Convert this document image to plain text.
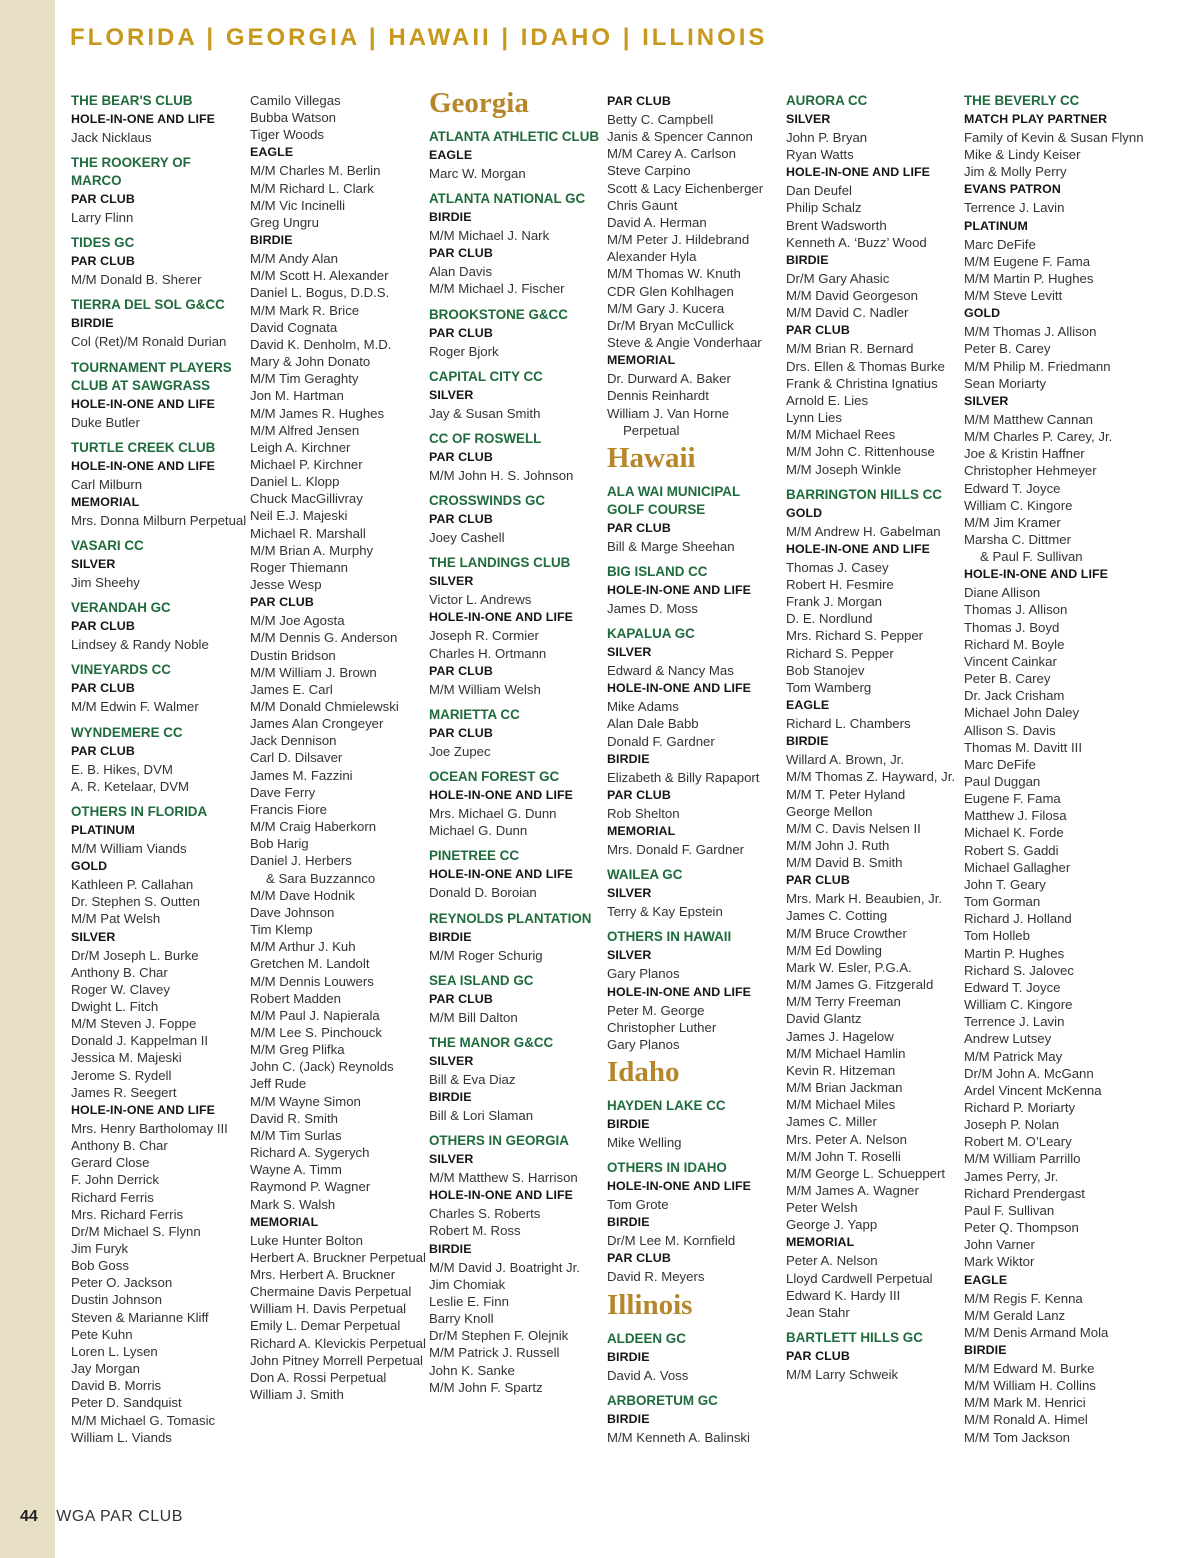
FLORIDA | GEORGIA | HAWAII | IDAHO | ILLINOIS
THE BEAR'S CLUB
HOLE-IN-ONE AND LIFE
Jack Nicklaus
THE ROOKERY OF MARCO
PAR CLUB
Larry Flinn
TIDES GC
PAR CLUB
M/M Donald B. Sherer
TIERRA DEL SOL G&CC
BIRDIE
Col (Ret)/M Ronald Durian
TOURNAMENT PLAYERS
CLUB AT SAWGRASS
HOLE-IN-ONE AND LIFE
Duke Butler
TURTLE CREEK CLUB
HOLE-IN-ONE AND LIFE
Carl Milburn
MEMORIAL
Mrs. Donna Milburn Perpetual
VASARI CC
SILVER
Jim Sheehy
VERANDAH GC
PAR CLUB
Lindsey & Randy Noble
VINEYARDS CC
PAR CLUB
M/M Edwin F. Walmer
WYNDEMERE CC
PAR CLUB
E. B. Hikes, DVM
A. R. Ketelaar, DVM
OTHERS IN FLORIDA
PLATINUM
M/M William Viands
GOLD
Kathleen P. Callahan
Dr. Stephen S. Outten
M/M Pat Welsh
SILVER
Dr/M Joseph L. Burke
Anthony B. Char
Roger W. Clavey
Dwight L. Fitch
M/M Steven J. Foppe
Donald J. Kappelman II
Jessica M. Majeski
Jerome S. Rydell
James R. Seegert
HOLE-IN-ONE AND LIFE
Mrs. Henry Bartholomay III
Anthony B. Char
Gerard Close
F. John Derrick
Richard Ferris
Mrs. Richard Ferris
Dr/M Michael S. Flynn
Jim Furyk
Bob Goss
Peter O. Jackson
Dustin Johnson
Steven & Marianne Kliff
Pete Kuhn
Loren L. Lysen
Jay Morgan
David B. Morris
Peter D. Sandquist
M/M Michael G. Tomasic
William L. Viands
Camilo Villegas
Bubba Watson
Tiger Woods
EAGLE
M/M Charles M. Berlin
M/M Richard L. Clark
M/M Vic Incinelli
Greg Ungru
BIRDIE
M/M Andy Alan
M/M Scott H. Alexander
Daniel L. Bogus, D.D.S.
M/M Mark R. Brice
David Cognata
David K. Denholm, M.D.
Mary & John Donato
M/M Tim Geraghty
Jon M. Hartman
M/M James R. Hughes
M/M Alfred Jensen
Leigh A. Kirchner
Michael P. Kirchner
Daniel L. Klopp
Chuck MacGillivray
Neil E.J. Majeski
Michael R. Marshall
M/M Brian A. Murphy
Roger Thiemann
Jesse Wesp
PAR CLUB
M/M Joe Agosta
M/M Dennis G. Anderson
Dustin Bridson
M/M William J. Brown
James E. Carl
M/M Donald Chmielewski
James Alan Crongeyer
Jack Dennison
Carl D. Dilsaver
James M. Fazzini
Dave Ferry
Francis Fiore
M/M Craig Haberkorn
Bob Harig
Daniel J. Herbers
& Sara Buzzannco
M/M Dave Hodnik
Dave Johnson
Tim Klemp
M/M Arthur J. Kuh
Gretchen M. Landolt
M/M Dennis Louwers
Robert Madden
M/M Paul J. Napierala
M/M Lee S. Pinchouck
M/M Greg Plifka
John C. (Jack) Reynolds
Jeff Rude
M/M Wayne Simon
David R. Smith
M/M Tim Surlas
Richard A. Sygerych
Wayne A. Timm
Raymond P. Wagner
Mark S. Walsh
MEMORIAL
Luke Hunter Bolton
Herbert A. Bruckner Perpetual
Mrs. Herbert A. Bruckner
Chermaine Davis Perpetual
William H. Davis Perpetual
Emily L. Demar Perpetual
Richard A. Klevickis Perpetual
John Pitney Morrell Perpetual
Don A. Rossi Perpetual
William J. Smith
Georgia
ATLANTA ATHLETIC CLUB
EAGLE
Marc W. Morgan
ATLANTA NATIONAL GC
BIRDIE
M/M Michael J. Nark
PAR CLUB
Alan Davis
M/M Michael J. Fischer
BROOKSTONE G&CC
PAR CLUB
Roger Bjork
CAPITAL CITY CC
SILVER
Jay & Susan Smith
CC OF ROSWELL
PAR CLUB
M/M John H. S. Johnson
CROSSWINDS GC
PAR CLUB
Joey Cashell
THE LANDINGS CLUB
SILVER
Victor L. Andrews
HOLE-IN-ONE AND LIFE
Joseph R. Cormier
Charles H. Ortmann
PAR CLUB
M/M William Welsh
MARIETTA CC
PAR CLUB
Joe Zupec
OCEAN FOREST GC
HOLE-IN-ONE AND LIFE
Mrs. Michael G. Dunn
Michael G. Dunn
PINETREE CC
HOLE-IN-ONE AND LIFE
Donald D. Boroian
REYNOLDS PLANTATION
BIRDIE
M/M Roger Schurig
SEA ISLAND GC
PAR CLUB
M/M Bill Dalton
THE MANOR G&CC
SILVER
Bill & Eva Diaz
BIRDIE
Bill & Lori Slaman
OTHERS IN GEORGIA
SILVER
M/M Matthew S. Harrison
HOLE-IN-ONE AND LIFE
Charles S. Roberts
Robert M. Ross
BIRDIE
M/M David J. Boatright Jr.
Jim Chomiak
Leslie E. Finn
Barry Knoll
Dr/M Stephen F. Olejnik
M/M Patrick J. Russell
John K. Sanke
M/M John F. Spartz
PAR CLUB
Betty C. Campbell
Janis & Spencer Cannon
M/M Carey A. Carlson
Steve Carpino
Scott & Lacy Eichenberger
Chris Gaunt
David A. Herman
M/M Peter J. Hildebrand
Alexander Hyla
M/M Thomas W. Knuth
CDR Glen Kohlhagen
M/M Gary J. Kucera
Dr/M Bryan McCullick
Steve & Angie Vonderhaar
MEMORIAL
Dr. Durward A. Baker
Dennis Reinhardt
William J. Van Horne
Perpetual
Hawaii
ALA WAI MUNICIPAL
GOLF COURSE
PAR CLUB
Bill & Marge Sheehan
BIG ISLAND CC
HOLE-IN-ONE AND LIFE
James D. Moss
KAPALUA GC
SILVER
Edward & Nancy Mas
HOLE-IN-ONE AND LIFE
Mike Adams
Alan Dale Babb
Donald F. Gardner
BIRDIE
Elizabeth & Billy Rapaport
PAR CLUB
Rob Shelton
MEMORIAL
Mrs. Donald F. Gardner
WAILEA GC
SILVER
Terry & Kay Epstein
OTHERS IN HAWAII
SILVER
Gary Planos
HOLE-IN-ONE AND LIFE
Peter M. George
Christopher Luther
Gary Planos
Idaho
HAYDEN LAKE CC
BIRDIE
Mike Welling
OTHERS IN IDAHO
HOLE-IN-ONE AND LIFE
Tom Grote
BIRDIE
Dr/M Lee M. Kornfield
PAR CLUB
David R. Meyers
Illinois
ALDEEN GC
BIRDIE
David A. Voss
ARBORETUM GC
BIRDIE
M/M Kenneth A. Balinski
AURORA CC
SILVER
John P. Bryan
Ryan Watts
HOLE-IN-ONE AND LIFE
Dan Deufel
Philip Schalz
Brent Wadsworth
Kenneth A. ‘Buzz’ Wood
BIRDIE
Dr/M Gary Ahasic
M/M David Georgeson
M/M David C. Nadler
PAR CLUB
M/M Brian R. Bernard
Drs. Ellen & Thomas Burke
Frank & Christina Ignatius
Arnold E. Lies
Lynn Lies
M/M Michael Rees
M/M John C. Rittenhouse
M/M Joseph Winkle
BARRINGTON HILLS CC
GOLD
M/M Andrew H. Gabelman
HOLE-IN-ONE AND LIFE
Thomas J. Casey
Robert H. Fesmire
Frank J. Morgan
D. E. Nordlund
Mrs. Richard S. Pepper
Richard S. Pepper
Bob Stanojev
Tom Wamberg
EAGLE
Richard L. Chambers
BIRDIE
Willard A. Brown, Jr.
M/M Thomas Z. Hayward, Jr.
M/M T. Peter Hyland
George Mellon
M/M C. Davis Nelsen II
M/M John J. Ruth
M/M David B. Smith
PAR CLUB
Mrs. Mark H. Beaubien, Jr.
James C. Cotting
M/M Bruce Crowther
M/M Ed Dowling
Mark W. Esler, P.G.A.
M/M James G. Fitzgerald
M/M Terry Freeman
David Glantz
James J. Hagelow
M/M Michael Hamlin
Kevin R. Hitzeman
M/M Brian Jackman
M/M Michael Miles
James C. Miller
Mrs. Peter A. Nelson
M/M John T. Roselli
M/M George L. Schueppert
M/M James A. Wagner
Peter Welsh
George J. Yapp
MEMORIAL
Peter A. Nelson
Lloyd Cardwell Perpetual
Edward K. Hardy III
Jean Stahr
BARTLETT HILLS GC
PAR CLUB
M/M Larry Schweik
THE BEVERLY CC
MATCH PLAY PARTNER
Family of Kevin & Susan Flynn
Mike & Lindy Keiser
Jim & Molly Perry
EVANS PATRON
Terrence J. Lavin
PLATINUM
Marc DeFife
M/M Eugene F. Fama
M/M Martin P. Hughes
M/M Steve Levitt
GOLD
M/M Thomas J. Allison
Peter B. Carey
M/M Philip M. Friedmann
Sean Moriarty
SILVER
M/M Matthew Cannan
M/M Charles P. Carey, Jr.
Joe & Kristin Haffner
Christopher Hehmeyer
Edward T. Joyce
William C. Kingore
M/M Jim Kramer
Marsha C. Dittmer
& Paul F. Sullivan
HOLE-IN-ONE AND LIFE
Diane Allison
Thomas J. Allison
Thomas J. Boyd
Richard M. Boyle
Vincent Cainkar
Peter B. Carey
Dr. Jack Crisham
Michael John Daley
Allison S. Davis
Thomas M. Davitt III
Marc DeFife
Paul Duggan
Eugene F. Fama
Matthew J. Filosa
Michael K. Forde
Robert S. Gaddi
Michael Gallagher
John T. Geary
Tom Gorman
Richard J. Holland
Tom Holleb
Martin P. Hughes
Richard S. Jalovec
Edward T. Joyce
William C. Kingore
Terrence J. Lavin
Andrew Lutsey
M/M Patrick May
Dr/M John A. McGann
Ardel Vincent McKenna
Richard P. Moriarty
Joseph P. Nolan
Robert M. O’Leary
M/M William Parrillo
James Perry, Jr.
Richard Prendergast
Paul F. Sullivan
Peter Q. Thompson
John Varner
Mark Wiktor
EAGLE
M/M Regis F. Kenna
M/M Gerald Lanz
M/M Denis Armand Mola
BIRDIE
M/M Edward M. Burke
M/M William H. Collins
M/M Mark M. Henrici
M/M Ronald A. Himel
M/M Tom Jackson
44 WGA PAR CLUB
